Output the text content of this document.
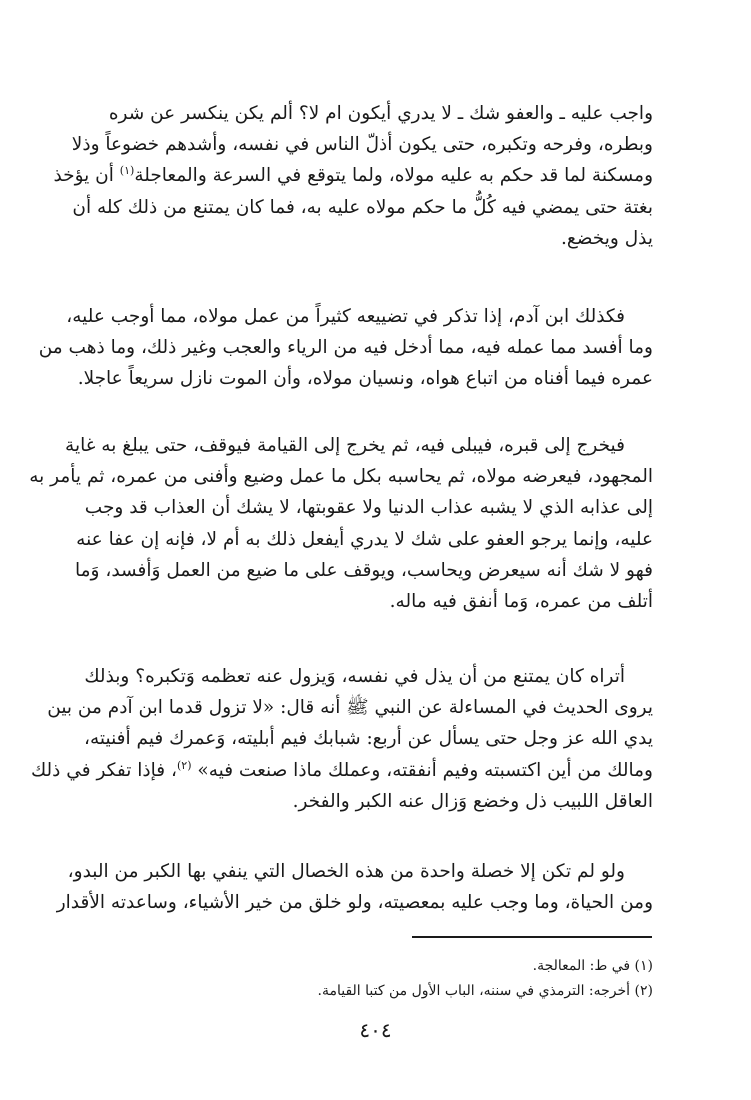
واجب عليه ـ والعفو شك ـ لا يدري أيكون ام لا؟ ألم يكن ينكسر عن شره
وبطره، وفرحه وتكبره، حتى يكون أذلّ الناس في نفسه، وأشدهم خضوعاً وذلا
ومسكنة لما قد حكم به عليه مولاه، ولما يتوقع في السرعة والمعاجلة$^{(١)}$ أن يؤخذ
بغتة حتى يمضي فيه كُلُّ ما حكم مولاه عليه به، فما كان يمتنع من ذلك كله أن
يذل ويخضع.
فكذلك ابن آدم، إذا تذكر في تضييعه كثيراً من عمل مولاه، مما أوجب عليه،
وما أفسد مما عمله فيه، مما أدخل فيه من الرياء والعجب وغير ذلك، وما ذهب من
عمره فيما أفناه من اتباع هواه، ونسيان مولاه، وأن الموت نازل سريعاً عاجلا.
فيخرج إلى قبره، فيبلى فيه، ثم يخرج إلى القيامة فيوقف، حتى يبلغ به غاية
المجهود، فيعرضه مولاه، ثم يحاسبه بكل ما عمل وضيع وأفنى من عمره، ثم يأمر به
إلى عذابه الذي لا يشبه عذاب الدنيا ولا عقوبتها، لا يشك أن العذاب قد وجب
عليه، وإنما يرجو العفو على شك لا يدري أيفعل ذلك به أم لا، فإنه إن عفا عنه
فهو لا شك أنه سيعرض ويحاسب، ويوقف على ما ضيع من العمل وَأفسد، وَما
أتلف من عمره، وَما أنفق فيه ماله.
أتراه كان يمتنع من أن يذل في نفسه، وَيزول عنه تعظمه وَتكبره؟ وبذلك
يروى الحديث في المساءلة عن النبي ﷺ أنه قال: «لا تزول قدما ابن آدم من بين
يدي الله عز وجل حتى يسأل عن أربع: شبابك فيم أبليته، وَعمرك فيم أفنيته،
ومالك من أين اكتسبته وفيم أنفقته، وعملك ماذا صنعت فيه» $^{(٢)}$، فإذا تفكر في ذلك
العاقل اللبيب ذل وخضع وَزال عنه الكبر والفخر.
ولو لم تكن إلا خصلة واحدة من هذه الخصال التي ينفي بها الكبر من البدو،
ومن الحياة، وما وجب عليه بمعصيته، ولو خلق من خير الأشياء، وساعدته الأقدار
(١) في ط: المعالجة.
(٢) أخرجه: الترمذي في سننه، الباب الأول من كتبا القيامة.
٤٠٤
